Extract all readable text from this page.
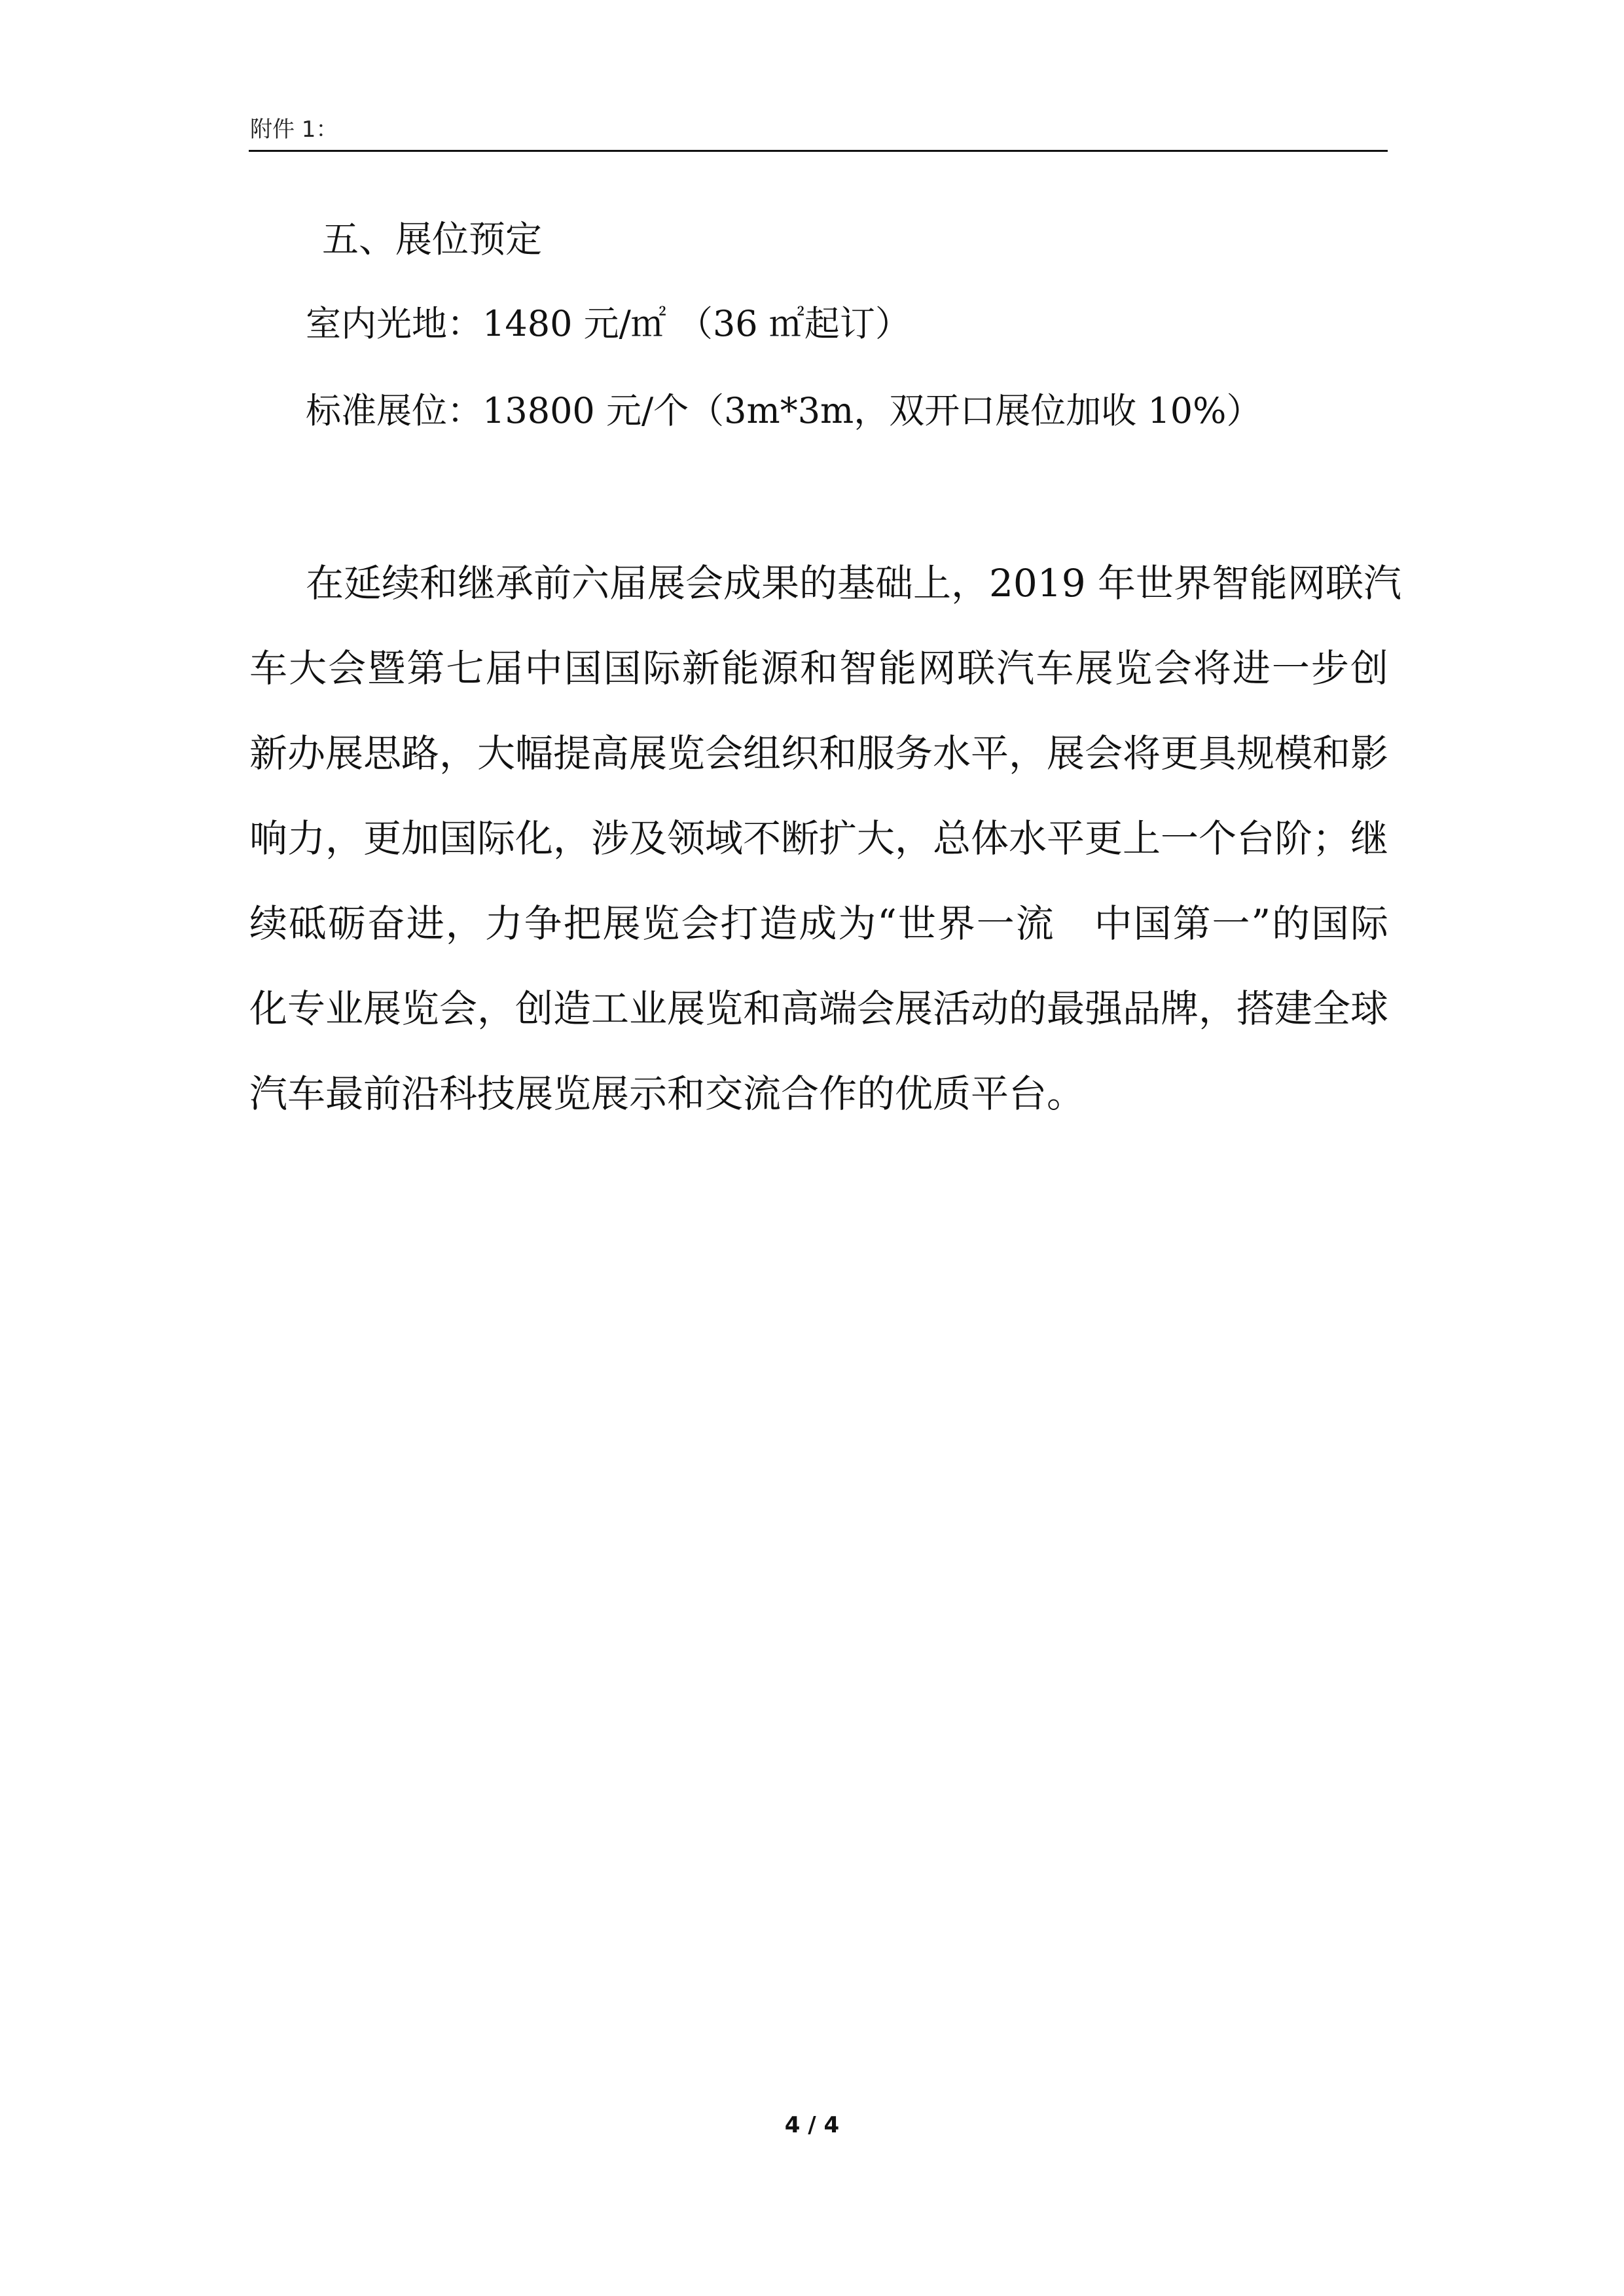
附件 1：
五、展位预定
室内光地：1480 元/㎡ （36 ㎡起订）
标准展位：13800 元/个（3m*3m，双开口展位加收 10%）
在延续和继承前六届展会成果的基础上，2019 年世界智能网联汽
车大会暨第七届中国国际新能源和智能网联汽车展览会将进一步创
新办展思路，大幅提高展览会组织和服务水平，展会将更具规模和影
响力，更加国际化，涉及领域不断扩大，总体水平更上一个台阶；继
续砥砺奋进，力争把展览会打造成为“世界一流　中国第一”的国际
化专业展览会，创造工业展览和高端会展活动的最强品牌，搭建全球
汽车最前沿科技展览展示和交流合作的优质平台。
4 / 4
